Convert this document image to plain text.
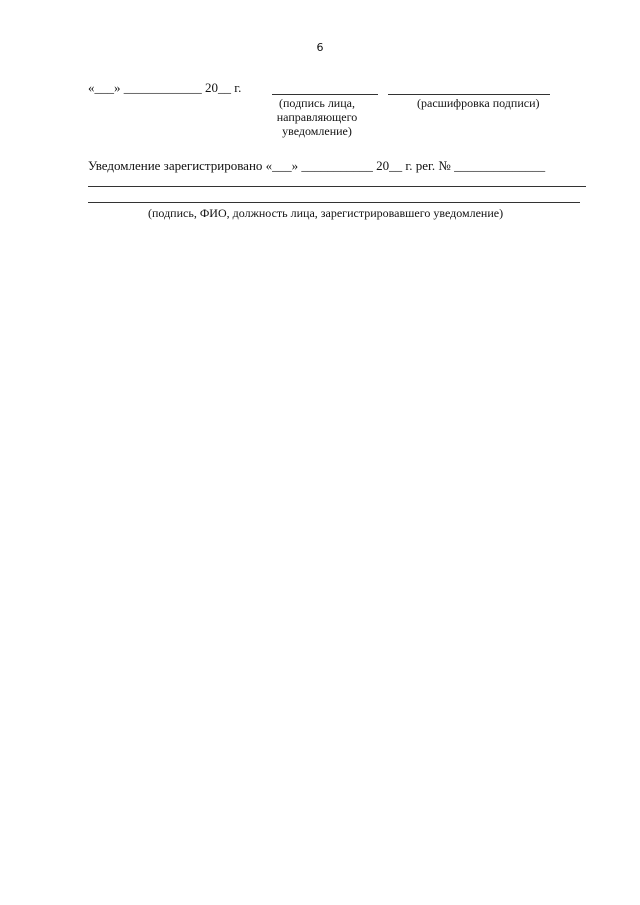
6
«___» ____________ 20__ г.
(подпись лица,
направляющего
уведомление)
(расшифровка подписи)
Уведомление зарегистрировано «___» ___________ 20__ г. рег. № ______________
(подпись, ФИО, должность лица, зарегистрировавшего уведомление)
